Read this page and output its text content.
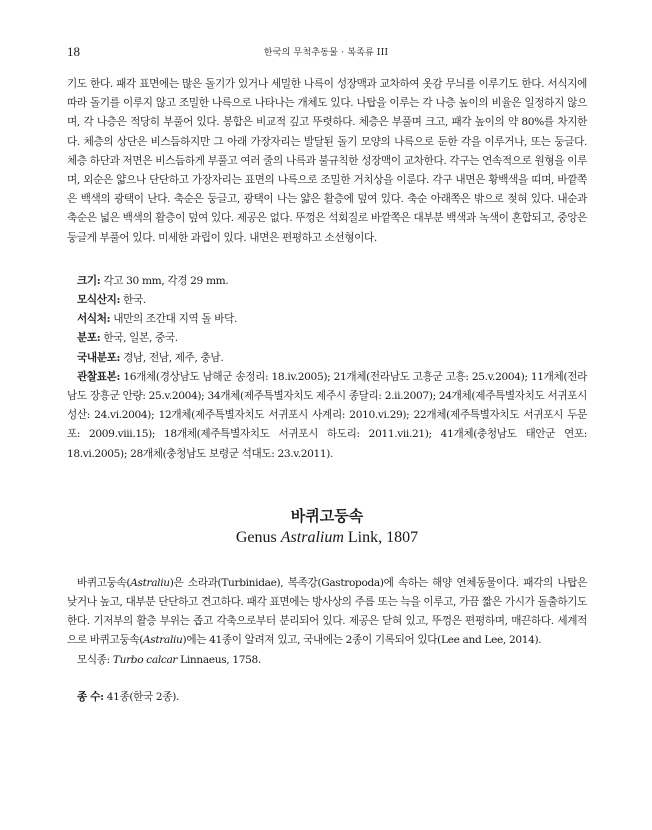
18	한국의 무척추동물 · 복족류 III

기도 한다. 패각 표면에는 많은 돌기가 있거나 세밀한 나륵이 성장맥과 교차하여 옷감 무늬를 이루기도 한다. 서식지에 따라 돌기를 이루지 않고 조밀한 나륵으로 나타나는 개체도 있다. 나탑을 이루는 각 나층 높이의 비율은 일정하지 않으며, 각 나층은 적당히 부풀어 있다. 봉합은 비교적 깊고 뚜렷하다. 체층은 부풀며 크고, 패각 높이의 약 80%를 차지한다. 체층의 상단은 비스듬하지만 그 아래 가장자리는 발달된 돌기 모양의 나륵으로 둔한 각을 이루거나, 또는 둥글다. 체층 하단과 저면은 비스듬하게 부풀고 여러 줄의 나륵과 불규칙한 성장맥이 교차한다. 각구는 연속적으로 원형을 이루며, 외순은 얇으나 단단하고 가장자리는 표면의 나륵으로 조밀한 거치상을 이룬다. 각구 내면은 황백색을 띠며, 바깥쪽은 백색의 광택이 난다. 축순은 둥글고, 광택이 나는 얇은 활층에 덮여 있다. 축순 아래쪽은 밖으로 젖혀 있다. 내순과 축순은 넓은 백색의 활층이 덮여 있다. 제공은 없다. 뚜껑은 석회질로 바깥쪽은 대부분 백색과 녹색이 혼합되고, 중앙은 둥글게 부풀어 있다. 미세한 과립이 있다. 내면은 편평하고 소선형이다.

크기: 각고 30 mm, 각경 29 mm.

모식산지: 한국.

서식처: 내만의 조간대 지역 돌 바닥.

분포: 한국, 일본, 중국.

국내분포: 경남, 전남, 제주, 충남.

관찰표본: 16개체(경상남도 남해군 송정리: 18.iv.2005); 21개체(전라남도 고흥군 고흥: 25.v.2004); 11개체(전라남도 장흥군 안량: 25.v.2004); 34개체(제주특별자치도 제주시 종달리: 2.ii.2007); 24개체(제주특별자치도 서귀포시 성산: 24.vi.2004); 12개체(제주특별자치도 서귀포시 사계리: 2010.vi.29); 22개체(제주특별자치도 서귀포시 두문포: 2009.viii.15); 18개체(제주특별자치도 서귀포시 하도리: 2011.vii.21); 41개체(충청남도 태안군 연포: 18.vi.2005); 28개체(충청남도 보령군 석대도: 23.v.2011).

바퀴고둥속
Genus Astralium Link, 1807

바퀴고둥속(Astraliu)은 소라과(Turbinidae), 복족강(Gastropoda)에 속하는 해양 연체동물이다. 패각의 나탑은 낮거나 높고, 대부분 단단하고 견고하다. 패각 표면에는 방사상의 주름 또는 늑을 이루고, 가끔 짧은 가시가 돌출하기도 한다. 기저부의 활층 부위는 좁고 각축으로부터 분리되어 있다. 제공은 닫혀 있고, 뚜껑은 편평하며, 매끈하다. 세계적으로 바퀴고둥속(Astraliu)에는 41종이 알려져 있고, 국내에는 2종이 기록되어 있다(Lee and Lee, 2014).

모식종: Turbo calcar Linnaeus, 1758.

종 수: 41종(한국 2종).
